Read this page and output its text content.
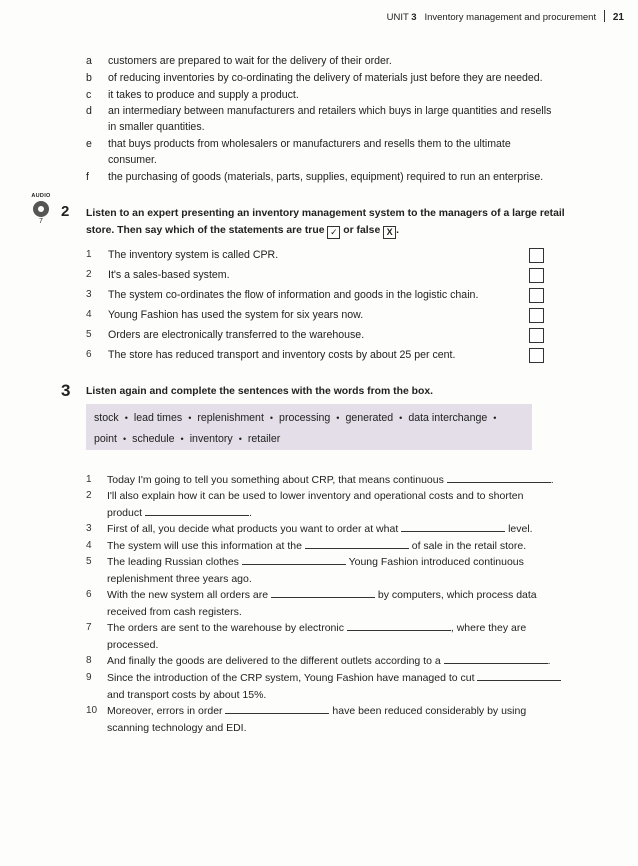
UNIT 3 Inventory management and procurement 21
a	customers are prepared to wait for the delivery of their order.
b	of reducing inventories by co-ordinating the delivery of materials just before they are needed.
c	it takes to produce and supply a product.
d	an intermediary between manufacturers and retailers which buys in large quantities and resells
in smaller quantities.
e	that buys products from wholesalers or manufacturers and resells them to the ultimate
consumer.
f	the purchasing of goods (materials, parts, supplies, equipment) required to run an enterprise.
AUDIO
7
2 Listen to an expert presenting an inventory management system to the managers of a large retail
store. Then say which of the statements are true ✓ or false X .
1	The inventory system is called CPR.
2	It's a sales-based system.
3	The system co-ordinates the flow of information and goods in the logistic chain.
4	Young Fashion has used the system for six years now.
5	Orders are electronically transferred to the warehouse.
6	The store has reduced transport and inventory costs by about 25 per cent.
3 Listen again and complete the sentences with the words from the box.
stock • lead times • replenishment • processing • generated • data interchange •
point • schedule • inventory • retailer
1	Today I'm going to tell you something about CRP, that means continuous	.
2	I'll also explain how it can be used to lower inventory and operational costs and to shorten
product	.
3	First of all, you decide what products you want to order at what	level.
4	The system will use this information at the	of sale in the retail store.
5	The leading Russian clothes	Young Fashion introduced continuous
replenishment three years ago.
6	With the new system all orders are	by computers, which process data
received from cash registers.
7	The orders are sent to the warehouse by electronic	, where they are
processed.
8	And finally the goods are delivered to the different outlets according to a	.
9	Since the introduction of the CRP system, Young Fashion have managed to cut
and transport costs by about 15%.
10 Moreover, errors in order	have been reduced considerably by using
scanning technology and EDI.
